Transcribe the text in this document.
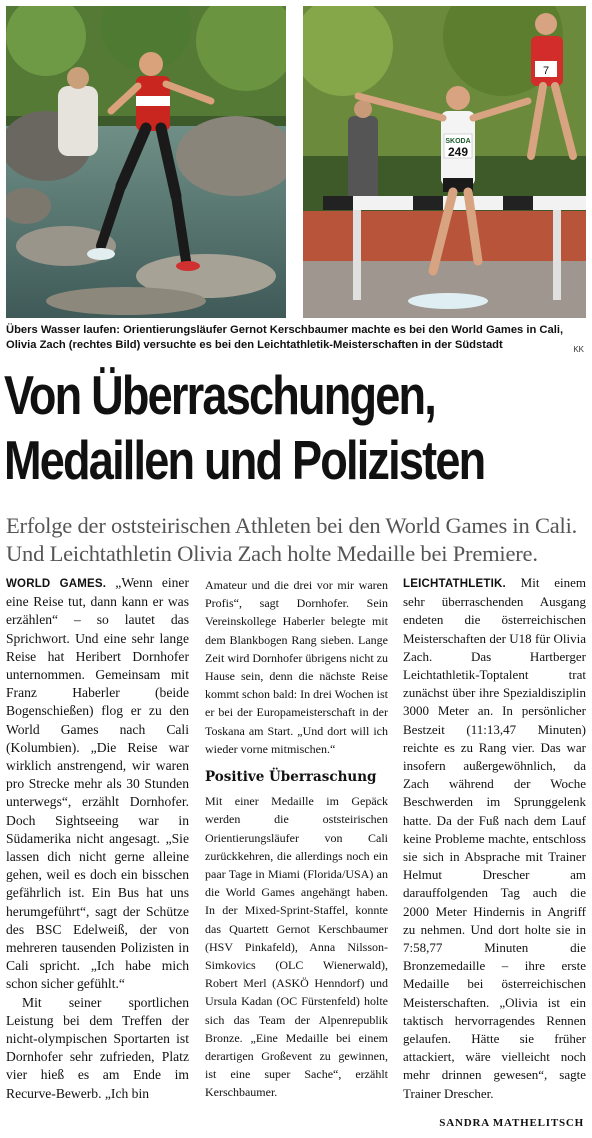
7
SKODA
249
Übers Wasser laufen: Orientierungsläufer Gernot Kerschbaumer machte es bei den World Games in Cali, Olivia Zach (rechtes Bild) versuchte es bei den Leichtathletik-Meisterschaften in der Südstadt	KK
Von Überraschungen,
Medaillen und Polizisten
Erfolge der oststeirischen Athleten bei den World Games in Cali. Und Leichtathletin Olivia Zach holte Medaille bei Premiere.

WORLD GAMES. „Wenn einer eine Reise tut, dann kann er was erzählen“ – so lautet das Sprichwort. Und eine sehr lange Reise hat Heribert Dornhofer unternommen. Gemeinsam mit Franz Haberler (beide Bogenschießen) flog er zu den World Games nach Cali (Kolumbien). „Die Reise war wirklich anstrengend, wir waren pro Strecke mehr als 30 Stunden unterwegs“, erzählt Dornhofer. Doch Sightseeing war in Südamerika nicht angesagt. „Sie lassen dich nicht gerne alleine gehen, weil es doch ein bisschen gefährlich ist. Ein Bus hat uns herumgeführt“, sagt der Schütze des BSC Edelweiß, der von mehreren tausenden Polizisten in Cali spricht. „Ich habe mich schon sicher gefühlt.“

Mit seiner sportlichen Leistung bei dem Treffen der nicht-olympischen Sportarten ist Dornhofer sehr zufrieden, Platz vier hieß es am Ende im Recurve-Bewerb. „Ich bin

Amateur und die drei vor mir waren Profis“, sagt Dornhofer. Sein Vereinskollege Haberler belegte mit dem Blankbogen Rang sieben. Lange Zeit wird Dornhofer übrigens nicht zu Hause sein, denn die nächste Reise kommt schon bald: In drei Wochen ist er bei der Europameisterschaft in der Toskana am Start. „Und dort will ich wieder vorne mitmischen.“

Positive Überraschung

Mit einer Medaille im Gepäck werden die oststeirischen Orientierungsläufer von Cali zurückkehren, die allerdings noch ein paar Tage in Miami (Florida/USA) an die World Games angehängt haben. In der Mixed-Sprint-Staffel, konnte das Quartett Gernot Kerschbaumer (HSV Pinkafeld), Anna Nilsson-Simkovics (OLC Wienerwald), Robert Merl (ASKÖ Henndorf) und Ursula Kadan (OC Fürstenfeld) holte sich das Team der Alpenrepublik Bronze. „Eine Medaille bei einem derartigen Großevent zu gewinnen, ist eine super Sache“, erzählt Kerschbaumer.

LEICHTATHLETIK. Mit einem sehr überraschenden Ausgang endeten die österreichischen Meisterschaften der U18 für Olivia Zach. Das Hartberger Leichtathletik-Toptalent trat zunächst über ihre Spezialdisziplin 3000 Meter an. In persönlicher Bestzeit (11:13,47 Minuten) reichte es zu Rang vier. Das war insofern außergewöhnlich, da Zach während der Woche Beschwerden im Sprunggelenk hatte. Da der Fuß nach dem Lauf keine Probleme machte, entschloss sie sich in Absprache mit Trainer Helmut Drescher am darauffolgenden Tag auch die 2000 Meter Hindernis in Angriff zu nehmen. Und dort holte sie in 7:58,77 Minuten die Bronzemedaille – ihre erste Medaille bei österreichischen Meisterschaften. „Olivia ist ein taktisch hervorragendes Rennen gelaufen. Hätte sie früher attackiert, wäre vielleicht noch mehr drinnen gewesen“, sagte Trainer Drescher.

SANDRA MATHELITSCH
